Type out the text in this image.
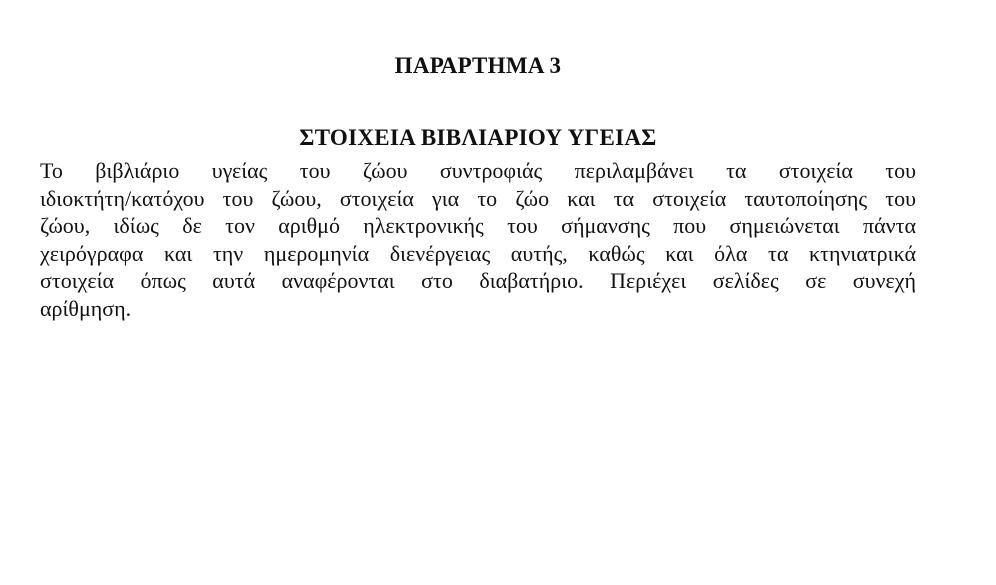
ΠΑΡΑΡΤΗΜΑ 3
ΣΤΟΙΧΕΙΑ ΒΙΒΛΙΑΡΙΟΥ ΥΓΕΙΑΣ
Το βιβλιάριο υγείας του ζώου συντροφιάς περιλαμβάνει τα στοιχεία του
ιδιοκτήτη/κατόχου του ζώου, στοιχεία για το ζώο και τα στοιχεία ταυτοποίησης του
ζώου, ιδίως δε τον αριθμό ηλεκτρονικής του σήμανσης που σημειώνεται πάντα
χειρόγραφα και την ημερομηνία διενέργειας αυτής, καθώς και όλα τα κτηνιατρικά
στοιχεία όπως αυτά αναφέρονται στο διαβατήριο. Περιέχει σελίδες σε συνεχή
αρίθμηση.
